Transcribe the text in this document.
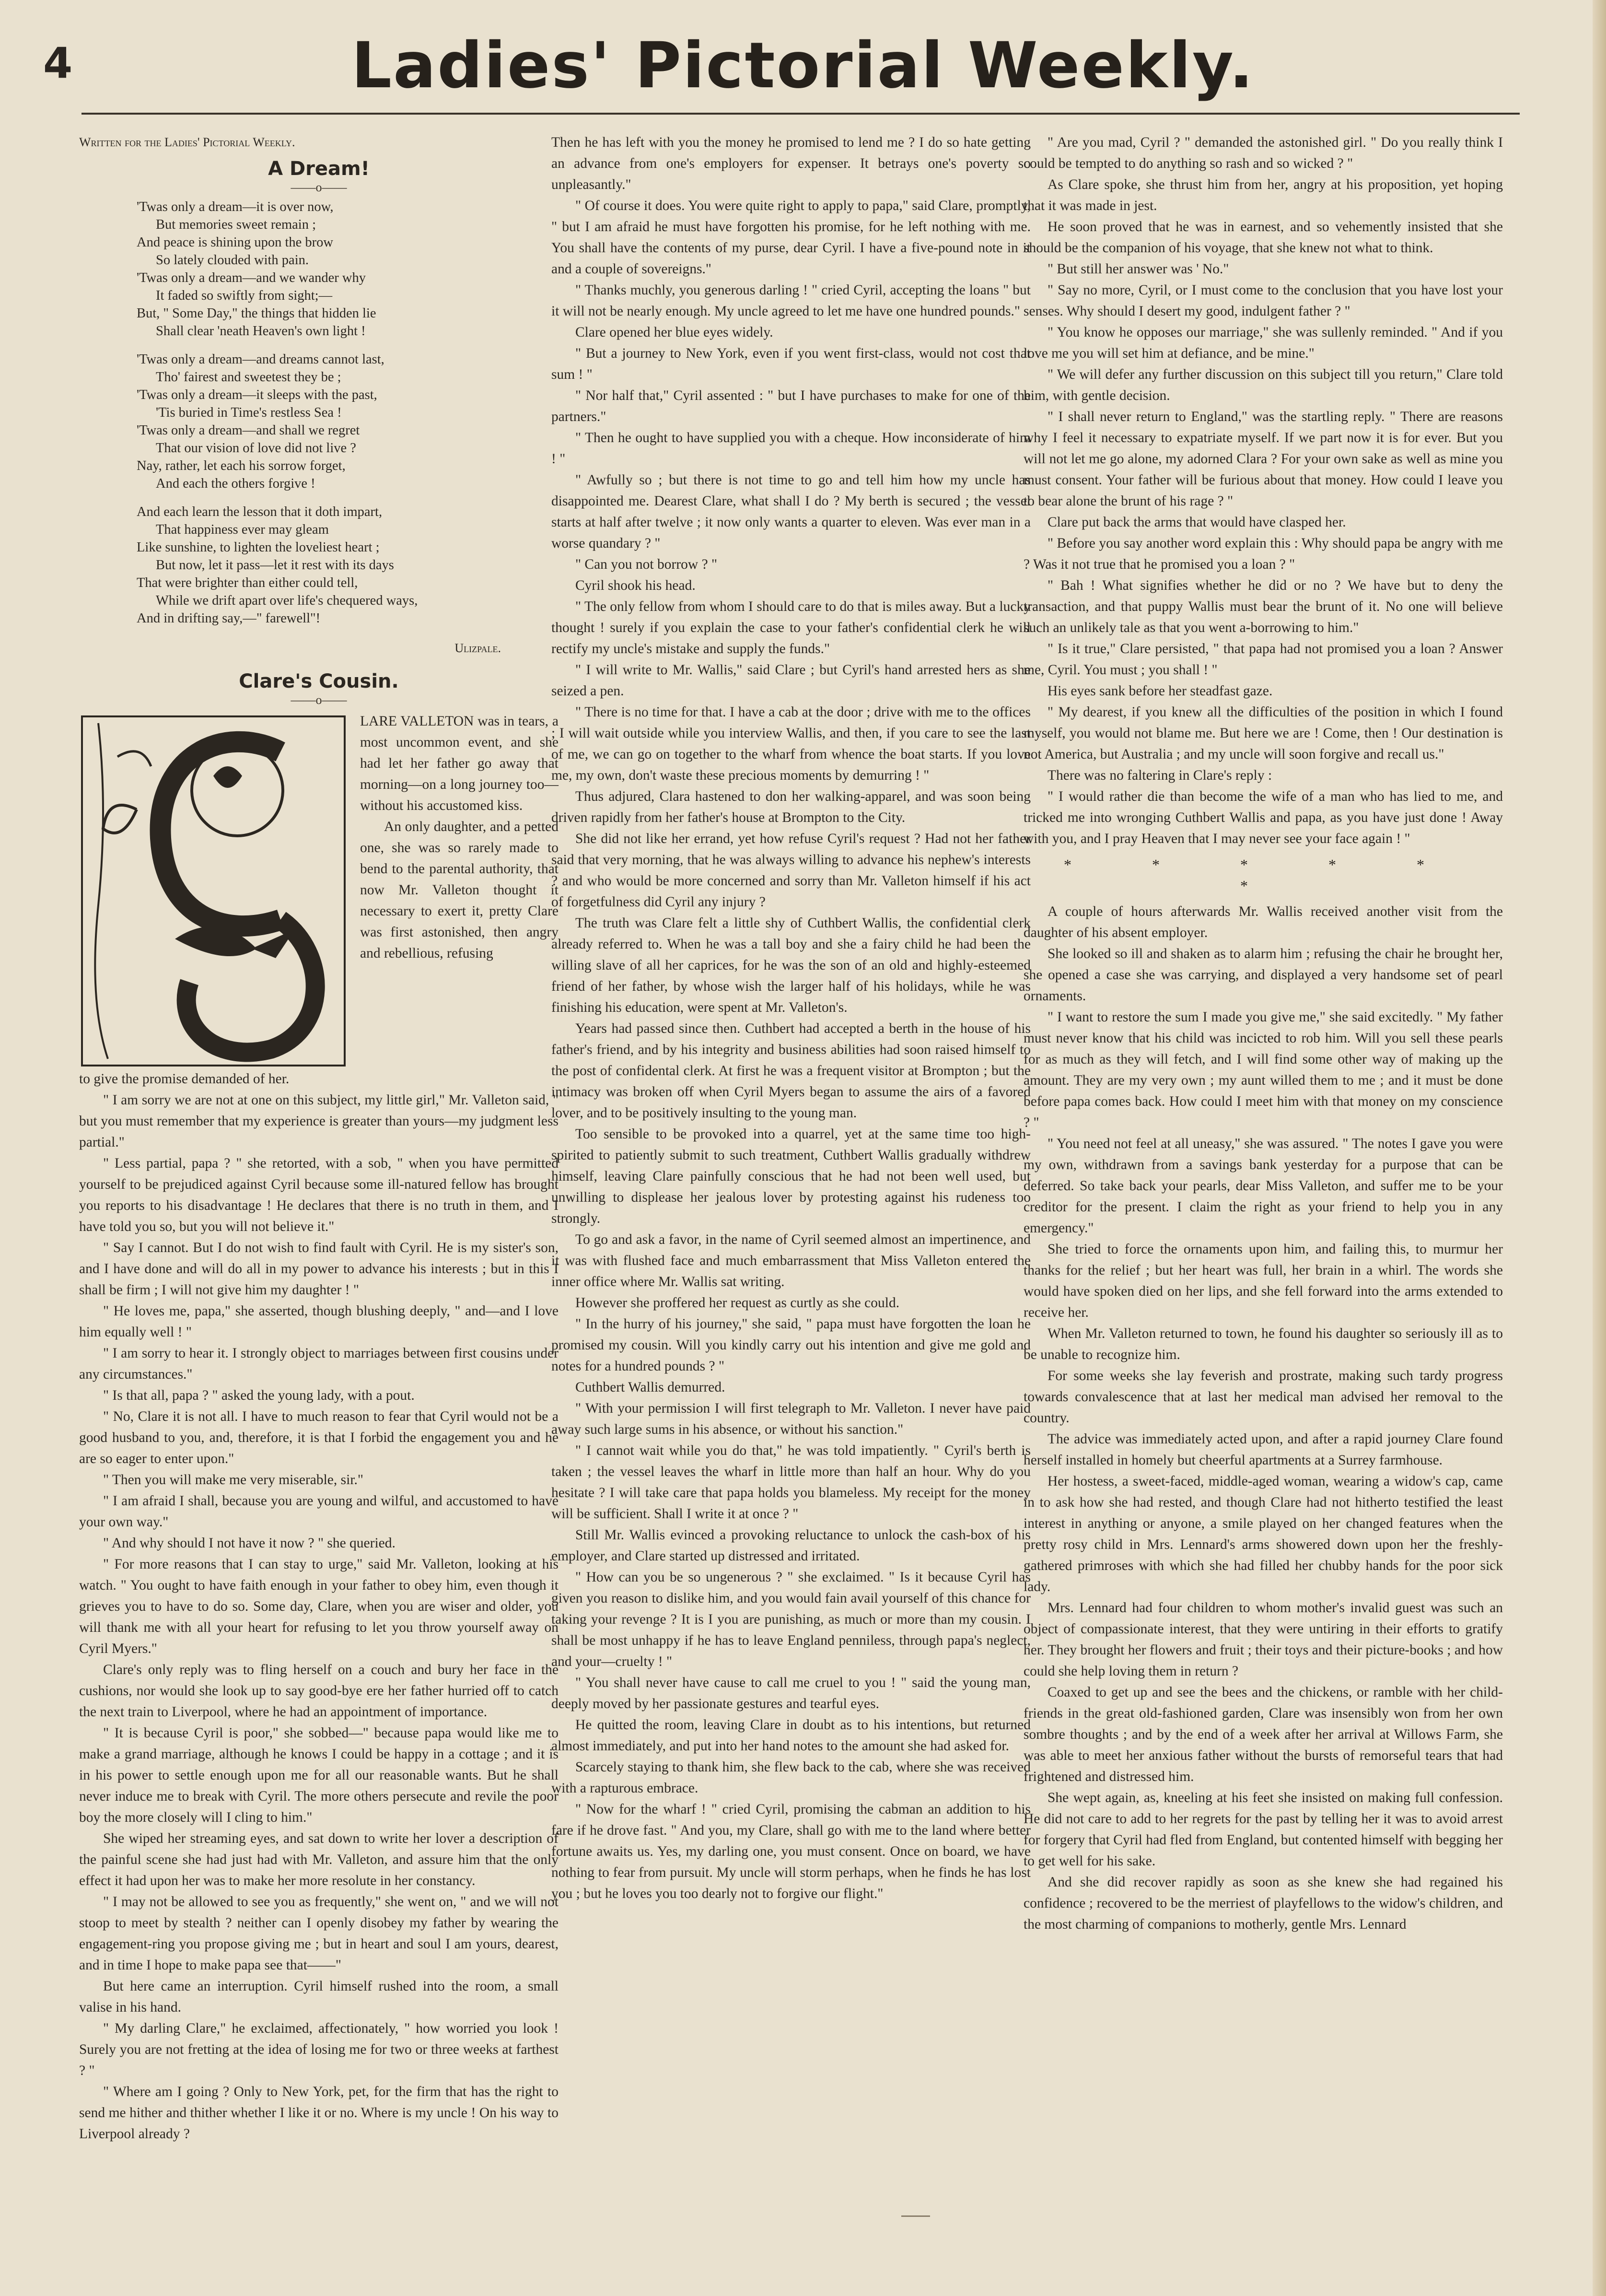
4	Ladies' Pictorial Weekly.

Written for the Ladies' Pictorial Weekly.

A Dream!
——o——
'Twas only a dream—it is over now,
But memories sweet remain ;
And peace is shining upon the brow
So lately clouded with pain.
'Twas only a dream—and we wander why
It faded so swiftly from sight;—
But, " Some Day," the things that hidden lie
Shall clear 'neath Heaven's own light !
'Twas only a dream—and dreams cannot last,
Tho' fairest and sweetest they be ;
'Twas only a dream—it sleeps with the past,
'Tis buried in Time's restless Sea !
'Twas only a dream—and shall we regret
That our vision of love did not live ?
Nay, rather, let each his sorrow forget,
And each the others forgive !
And each learn the lesson that it doth impart,
That happiness ever may gleam
Like sunshine, to lighten the loveliest heart ;
But now, let it pass—let it rest with its days
That were brighter than either could tell,
While we drift apart over life's chequered ways,
And in drifting say,—" farewell"!
Ulizpale.
Clare's Cousin.
——o——

LARE VALLETON was in tears, a most uncommon event, and she had let her father go away that morning—on a long journey too—without his accustomed kiss.

An only daughter, and a petted one, she was so rarely made to bend to the parental authority, that now Mr. Valleton thought it necessary to exert it, pretty Clare was first astonished, then angry and rebellious, refusing

to give the promise demanded of her.

" I am sorry we are not at one on this subject, my little girl," Mr. Valleton said, " but you must remember that my experience is greater than yours—my judgment less partial."

" Less partial, papa ? " she retorted, with a sob, " when you have permitted yourself to be prejudiced against Cyril because some ill-natured fellow has brought you reports to his disadvantage ! He declares that there is no truth in them, and I have told you so, but you will not believe it."

" Say I cannot. But I do not wish to find fault with Cyril. He is my sister's son, and I have done and will do all in my power to advance his interests ; but in this I shall be firm ; I will not give him my daughter ! "

" He loves me, papa," she asserted, though blushing deeply, " and—and I love him equally well ! "

" I am sorry to hear it. I strongly object to marriages between first cousins under any circumstances."

" Is that all, papa ? " asked the young lady, with a pout.

" No, Clare it is not all. I have to much reason to fear that Cyril would not be a good husband to you, and, therefore, it is that I forbid the engagement you and he are so eager to enter upon."

" Then you will make me very miserable, sir."

" I am afraid I shall, because you are young and wilful, and accustomed to have your own way."

" And why should I not have it now ? " she queried.

" For more reasons that I can stay to urge," said Mr. Valleton, looking at his watch. " You ought to have faith enough in your father to obey him, even though it grieves you to have to do so. Some day, Clare, when you are wiser and older, you will thank me with all your heart for refusing to let you throw yourself away on Cyril Myers."

Clare's only reply was to fling herself on a couch and bury her face in the cushions, nor would she look up to say good-bye ere her father hurried off to catch the next train to Liverpool, where he had an appointment of importance.

" It is because Cyril is poor," she sobbed—" because papa would like me to make a grand marriage, although he knows I could be happy in a cottage ; and it is in his power to settle enough upon me for all our reasonable wants. But he shall never induce me to break with Cyril. The more others persecute and revile the poor boy the more closely will I cling to him."

She wiped her streaming eyes, and sat down to write her lover a description of the painful scene she had just had with Mr. Valleton, and assure him that the only effect it had upon her was to make her more resolute in her constancy.

" I may not be allowed to see you as frequently," she went on, " and we will not stoop to meet by stealth ? neither can I openly disobey my father by wearing the engagement-ring you propose giving me ; but in heart and soul I am yours, dearest, and in time I hope to make papa see that——"

But here came an interruption. Cyril himself rushed into the room, a small valise in his hand.

" My darling Clare," he exclaimed, affectionately, " how worried you look ! Surely you are not fretting at the idea of losing me for two or three weeks at farthest ? "

" Where am I going ? Only to New York, pet, for the firm that has the right to send me hither and thither whether I like it or no. Where is my uncle ! On his way to Liverpool already ?

Then he has left with you the money he promised to lend me ? I do so hate getting an advance from one's employers for expenser. It betrays one's poverty so unpleasantly."

" Of course it does. You were quite right to apply to papa," said Clare, promptly, " but I am afraid he must have forgotten his promise, for he left nothing with me. You shall have the contents of my purse, dear Cyril. I have a five-pound note in it and a couple of sovereigns."

" Thanks muchly, you generous darling ! " cried Cyril, accepting the loans " but it will not be nearly enough. My uncle agreed to let me have one hundred pounds."

Clare opened her blue eyes widely.

" But a journey to New York, even if you went first-class, would not cost that sum ! "

" Nor half that," Cyril assented : " but I have purchases to make for one of the partners."

" Then he ought to have supplied you with a cheque. How inconsiderate of him ! "

" Awfully so ; but there is not time to go and tell him how my uncle has disappointed me. Dearest Clare, what shall I do ? My berth is secured ; the vessel starts at half after twelve ; it now only wants a quarter to eleven. Was ever man in a worse quandary ? "

" Can you not borrow ? "

Cyril shook his head.

" The only fellow from whom I should care to do that is miles away. But a lucky thought ! surely if you explain the case to your father's confidential clerk he will rectify my uncle's mistake and supply the funds."

" I will write to Mr. Wallis," said Clare ; but Cyril's hand arrested hers as she seized a pen.

" There is no time for that. I have a cab at the door ; drive with me to the offices ; I will wait outside while you interview Wallis, and then, if you care to see the last of me, we can go on together to the wharf from whence the boat starts. If you love me, my own, don't waste these precious moments by demurring ! "

Thus adjured, Clara hastened to don her walking-apparel, and was soon being driven rapidly from her father's house at Brompton to the City.

She did not like her errand, yet how refuse Cyril's request ? Had not her father said that very morning, that he was always willing to advance his nephew's interests ? and who would be more concerned and sorry than Mr. Valleton himself if his act of forgetfulness did Cyril any injury ?

The truth was Clare felt a little shy of Cuthbert Wallis, the confidential clerk already referred to. When he was a tall boy and she a fairy child he had been the willing slave of all her caprices, for he was the son of an old and highly-esteemed friend of her father, by whose wish the larger half of his holidays, while he was finishing his education, were spent at Mr. Valleton's.

Years had passed since then. Cuthbert had accepted a berth in the house of his father's friend, and by his integrity and business abilities had soon raised himself to the post of confidental clerk. At first he was a frequent visitor at Brompton ; but the intimacy was broken off when Cyril Myers began to assume the airs of a favored lover, and to be positively insulting to the young man.

Too sensible to be provoked into a quarrel, yet at the same time too high-spirited to patiently submit to such treatment, Cuthbert Wallis gradually withdrew himself, leaving Clare painfully conscious that he had not been well used, but unwilling to displease her jealous lover by protesting against his rudeness too strongly.

To go and ask a favor, in the name of Cyril seemed almost an impertinence, and it was with flushed face and much embarrassment that Miss Valleton entered the inner office where Mr. Wallis sat writing.

However she proffered her request as curtly as she could.

" In the hurry of his journey," she said, " papa must have forgotten the loan he promised my cousin. Will you kindly carry out his intention and give me gold and notes for a hundred pounds ? "

Cuthbert Wallis demurred.

" With your permission I will first telegraph to Mr. Valleton. I never have paid away such large sums in his absence, or without his sanction."

" I cannot wait while you do that," he was told impatiently. " Cyril's berth is taken ; the vessel leaves the wharf in little more than half an hour. Why do you hesitate ? I will take care that papa holds you blameless. My receipt for the money will be sufficient. Shall I write it at once ? "

Still Mr. Wallis evinced a provoking reluctance to unlock the cash-box of his employer, and Clare started up distressed and irritated.

" How can you be so ungenerous ? " she exclaimed. " Is it because Cyril has given you reason to dislike him, and you would fain avail yourself of this chance for taking your revenge ? It is I you are punishing, as much or more than my cousin. I shall be most unhappy if he has to leave England penniless, through papa's neglect, and your—cruelty ! "

" You shall never have cause to call me cruel to you ! " said the young man, deeply moved by her passionate gestures and tearful eyes.

He quitted the room, leaving Clare in doubt as to his intentions, but returned almost immediately, and put into her hand notes to the amount she had asked for.

Scarcely staying to thank him, she flew back to the cab, where she was received with a rapturous embrace.

" Now for the wharf ! " cried Cyril, promising the cabman an addition to his fare if he drove fast. " And you, my Clare, shall go with me to the land where better fortune awaits us. Yes, my darling one, you must consent. Once on board, we have nothing to fear from pursuit. My uncle will storm perhaps, when he finds he has lost you ; but he loves you too dearly not to forgive our flight."

" Are you mad, Cyril ? " demanded the astonished girl. " Do you really think I could be tempted to do anything so rash and so wicked ? "

As Clare spoke, she thrust him from her, angry at his proposition, yet hoping that it was made in jest.

He soon proved that he was in earnest, and so vehemently insisted that she should be the companion of his voyage, that she knew not what to think.

" But still her answer was ' No."

" Say no more, Cyril, or I must come to the conclusion that you have lost your senses. Why should I desert my good, indulgent father ? "

" You know he opposes our marriage," she was sullenly reminded. " And if you love me you will set him at defiance, and be mine."

" We will defer any further discussion on this subject till you return," Clare told him, with gentle decision.

" I shall never return to England," was the startling reply. " There are reasons why I feel it necessary to expatriate myself. If we part now it is for ever. But you will not let me go alone, my adorned Clara ? For your own sake as well as mine you must consent. Your father will be furious about that money. How could I leave you to bear alone the brunt of his rage ? "

Clare put back the arms that would have clasped her.

" Before you say another word explain this : Why should papa be angry with me ? Was it not true that he promised you a loan ? "

" Bah ! What signifies whether he did or no ? We have but to deny the transaction, and that puppy Wallis must bear the brunt of it. No one will believe such an unlikely tale as that you went a-borrowing to him."

" Is it true," Clare persisted, " that papa had not promised you a loan ? Answer me, Cyril. You must ; you shall ! "

His eyes sank before her steadfast gaze.

" My dearest, if you knew all the difficulties of the position in which I found myself, you would not blame me. But here we are ! Come, then ! Our destination is not America, but Australia ; and my uncle will soon forgive and recall us."

There was no faltering in Clare's reply :

" I would rather die than become the wife of a man who has lied to me, and tricked me into wronging Cuthbert Wallis and papa, as you have just done ! Away with you, and I pray Heaven that I may never see your face again ! "

* * * * * *

A couple of hours afterwards Mr. Wallis received another visit from the daughter of his absent employer.

She looked so ill and shaken as to alarm him ; refusing the chair he brought her, she opened a case she was carrying, and displayed a very handsome set of pearl ornaments.

" I want to restore the sum I made you give me," she said excitedly. " My father must never know that his child was incicted to rob him. Will you sell these pearls for as much as they will fetch, and I will find some other way of making up the amount. They are my very own ; my aunt willed them to me ; and it must be done before papa comes back. How could I meet him with that money on my conscience ? "

" You need not feel at all uneasy," she was assured. " The notes I gave you were my own, withdrawn from a savings bank yesterday for a purpose that can be deferred. So take back your pearls, dear Miss Valleton, and suffer me to be your creditor for the present. I claim the right as your friend to help you in any emergency."

She tried to force the ornaments upon him, and failing this, to murmur her thanks for the relief ; but her heart was full, her brain in a whirl. The words she would have spoken died on her lips, and she fell forward into the arms extended to receive her.

When Mr. Valleton returned to town, he found his daughter so seriously ill as to be unable to recognize him.

For some weeks she lay feverish and prostrate, making such tardy progress towards convalescence that at last her medical man advised her removal to the country.

The advice was immediately acted upon, and after a rapid journey Clare found herself installed in homely but cheerful apartments at a Surrey farmhouse.

Her hostess, a sweet-faced, middle-aged woman, wearing a widow's cap, came in to ask how she had rested, and though Clare had not hitherto testified the least interest in anything or anyone, a smile played on her changed features when the pretty rosy child in Mrs. Lennard's arms showered down upon her the freshly-gathered primroses with which she had filled her chubby hands for the poor sick lady.

Mrs. Lennard had four children to whom mother's invalid guest was such an object of compassionate interest, that they were untiring in their efforts to gratify her. They brought her flowers and fruit ; their toys and their picture-books ; and how could she help loving them in return ?

Coaxed to get up and see the bees and the chickens, or ramble with her child-friends in the great old-fashioned garden, Clare was insensibly won from her own sombre thoughts ; and by the end of a week after her arrival at Willows Farm, she was able to meet her anxious father without the bursts of remorseful tears that had frightened and distressed him.

She wept again, as, kneeling at his feet she insisted on making full confession. He did not care to add to her regrets for the past by telling her it was to avoid arrest for forgery that Cyril had fled from England, but contented himself with begging her to get well for his sake.

And she did recover rapidly as soon as she knew she had regained his confidence ; recovered to be the merriest of playfellows to the widow's children, and the most charming of companions to motherly, gentle Mrs. Lennard
